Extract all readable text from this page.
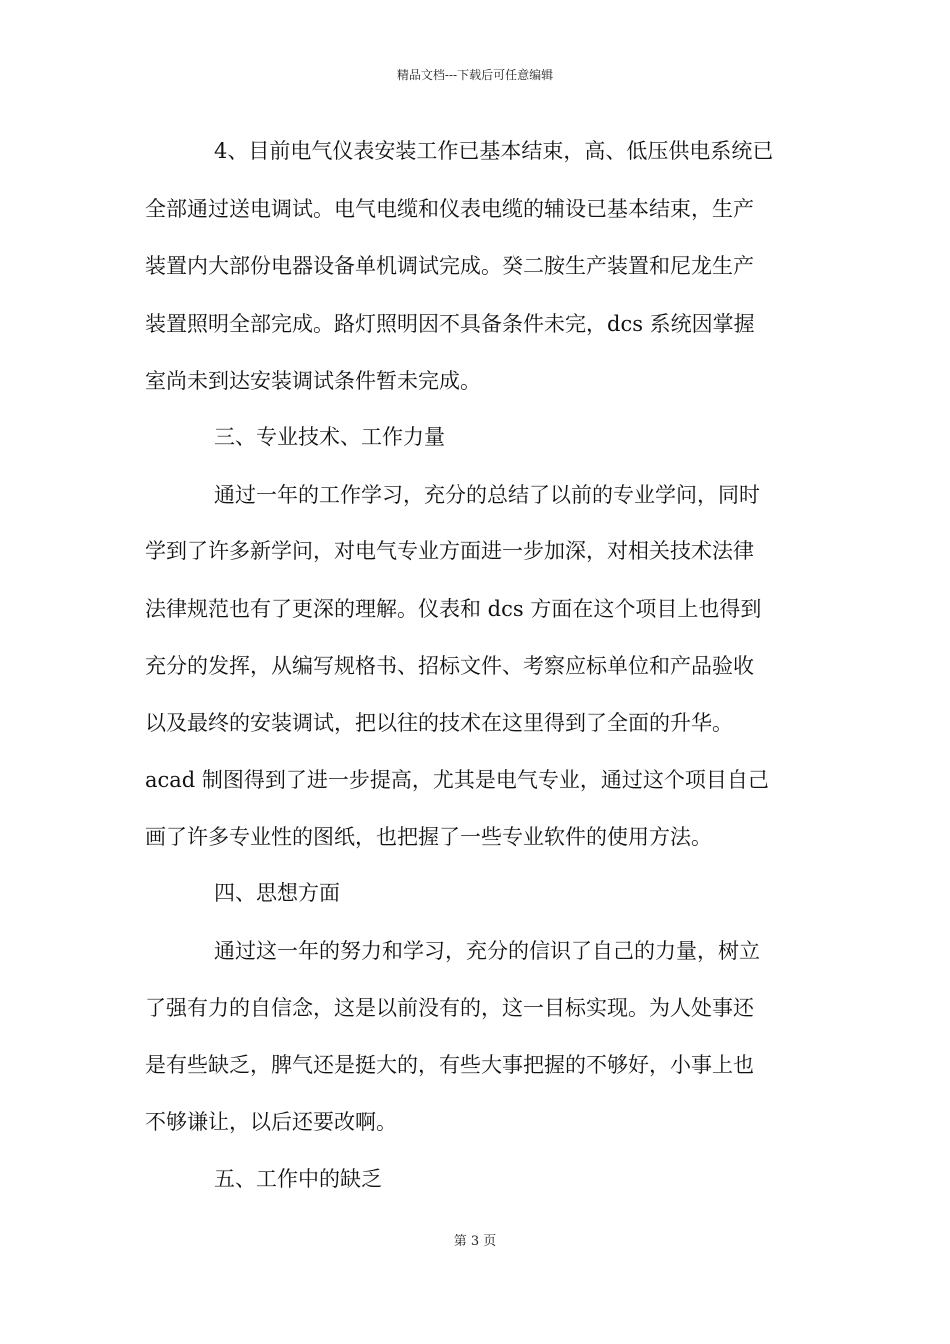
精品文档---下载后可任意编辑
4、目前电气仪表安装工作已基本结束，高、低压供电系统已
全部通过送电调试。电气电缆和仪表电缆的辅设已基本结束，生产
装置内大部份电器设备单机调试完成。癸二胺生产装置和尼龙生产
装置照明全部完成。路灯照明因不具备条件未完，dcs 系统因掌握
室尚未到达安装调试条件暂未完成。
三、专业技术、工作力量
通过一年的工作学习，充分的总结了以前的专业学问，同时
学到了许多新学问，对电气专业方面进一步加深，对相关技术法律
法律规范也有了更深的理解。仪表和 dcs 方面在这个项目上也得到
充分的发挥，从编写规格书、招标文件、考察应标单位和产品验收
以及最终的安装调试，把以往的技术在这里得到了全面的升华。
acad 制图得到了进一步提高，尤其是电气专业，通过这个项目自己
画了许多专业性的图纸，也把握了一些专业软件的使用方法。
四、思想方面
通过这一年的努力和学习，充分的信识了自己的力量，树立
了强有力的自信念，这是以前没有的，这一目标实现。为人处事还
是有些缺乏，脾气还是挺大的，有些大事把握的不够好，小事上也
不够谦让，以后还要改啊。
五、工作中的缺乏
第 3 页
